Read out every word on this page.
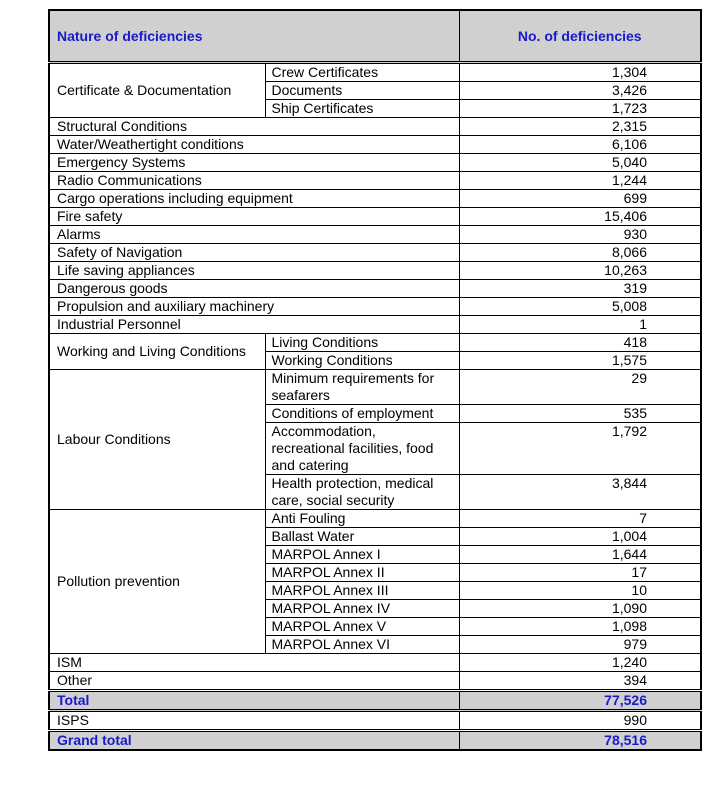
Nature of deficiencies		No. of deficiencies
Certificate & Documentation	Crew Certificates	1,304
	Documents	3,426
	Ship Certificates	1,723
Structural Conditions		2,315
Water/Weathertight conditions		6,106
Emergency Systems		5,040
Radio Communications		1,244
Cargo operations including equipment		699
Fire safety		15,406
Alarms		930
Safety of Navigation		8,066
Life saving appliances		10,263
Dangerous goods		319
Propulsion and auxiliary machinery		5,008
Industrial Personnel		1
Working and Living Conditions	Living Conditions	418
	Working Conditions	1,575
Labour Conditions	Minimum requirements for seafarers	29
	Conditions of employment	535
	Accommodation, recreational facilities, food and catering	1,792
	Health protection, medical care, social security	3,844
Pollution prevention	Anti Fouling	7
	Ballast Water	1,004
	MARPOL Annex I	1,644
	MARPOL Annex II	17
	MARPOL Annex III	10
	MARPOL Annex IV	1,090
	MARPOL Annex V	1,098
	MARPOL Annex VI	979
ISM		1,240
Other		394
Total		77,526
ISPS		990
Grand total		78,516
